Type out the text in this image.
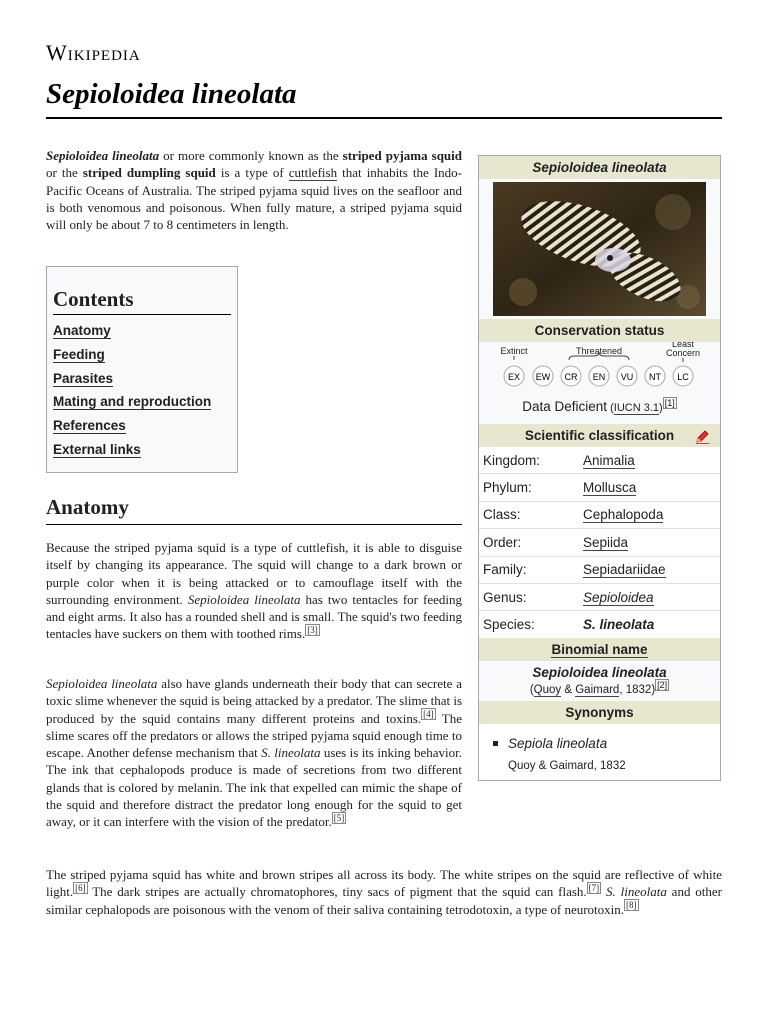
Wikipedia
Sepioloidea lineolata

Sepioloidea lineolata or more commonly known as the striped pyjama squid or the striped dumpling squid is a type of cuttlefish that inhabits the Indo-Pacific Oceans of Australia. The striped pyjama squid lives on the seafloor and is both venomous and poisonous. When fully mature, a striped pyjama squid will only be about 7 to 8 centimeters in length.

Contents
Anatomy
Feeding
Parasites
Mating and reproduction
References
External links
Anatomy

Because the striped pyjama squid is a type of cuttlefish, it is able to disguise itself by changing its appearance. The squid will change to a dark brown or purple color when it is being attacked or to camouflage itself with the surrounding environment. Sepioloidea lineolata has two tentacles for feeding and eight arms. It also has a rounded shell and is small. The squid's two feeding tentacles have suckers on them with toothed rims. [3]

Sepioloidea lineolata also have glands underneath their body that can secrete a toxic slime whenever the squid is being attacked by a predator. The slime that is produced by the squid contains many different proteins and toxins. [4] The slime scares off the predators or allows the striped pyjama squid enough time to escape. Another defense mechanism that S. lineolata uses is its inking behavior. The ink that cephalopods produce is made of secretions from two different glands that is colored by melanin. The ink that expelled can mimic the shape of the squid and therefore distract the predator long enough for the squid to get away, or it can interfere with the vision of the predator. [5]

The striped pyjama squid has white and brown stripes all across its body. The white stripes on the squid are reflective of white light. [6] The dark stripes are actually chromatophores, tiny sacs of pigment that the squid can flash. [7] S. lineolata and other similar cephalopods are poisonous with the venom of their saliva containing tetrodotoxin, a type of neurotoxin. [8]

Sepioloidea lineolata
Conservation status
Extinct	Threatened
Least
Concern
EX EW CR EN VU NT LC
Data Deficient (IUCN 3.1) [1]
Scientific classification
Kingdom:	Animalia
Phylum:	Mollusca
Class:	Cephalopoda
Order:	Sepiida
Family:	Sepiadariidae
Genus:	Sepioloidea
Species:	S. lineolata
Binomial name
Sepioloidea lineolata
(Quoy & Gaimard, 1832) [2]
Synonyms
Sepiola lineolata
Quoy & Gaimard, 1832
